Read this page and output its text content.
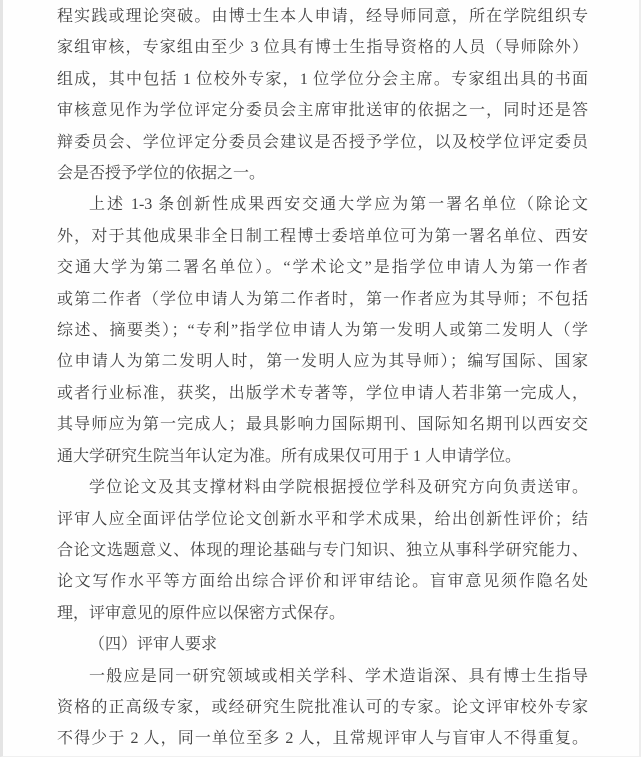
程实践或理论突破。由博士生本人申请，经导师同意，所在学院组织专
家组审核，专家组由至少 3 位具有博士生指导资格的人员（导师除外）
组成，其中包括 1 位校外专家，1 位学位分会主席。专家组出具的书面
审核意见作为学位评定分委员会主席审批送审的依据之一，同时还是答
辩委员会、学位评定分委员会建议是否授予学位，以及校学位评定委员
会是否授予学位的依据之一。
上述 1-3 条创新性成果西安交通大学应为第一署名单位（除论文
外，对于其他成果非全日制工程博士委培单位可为第一署名单位、西安
交通大学为第二署名单位）。“学术论文”是指学位申请人为第一作者
或第二作者（学位申请人为第二作者时，第一作者应为其导师；不包括
综述、摘要类）；“专利”指学位申请人为第一发明人或第二发明人（学
位申请人为第二发明人时，第一发明人应为其导师）；编写国际、国家
或者行业标准，获奖，出版学术专著等，学位申请人若非第一完成人，
其导师应为第一完成人；最具影响力国际期刊、国际知名期刊以西安交
通大学研究生院当年认定为准。所有成果仅可用于 1 人申请学位。
学位论文及其支撑材料由学院根据授位学科及研究方向负责送审。
评审人应全面评估学位论文创新水平和学术成果，给出创新性评价；结
合论文选题意义、体现的理论基础与专门知识、独立从事科学研究能力、
论文写作水平等方面给出综合评价和评审结论。盲审意见须作隐名处
理，评审意见的原件应以保密方式保存。
（四）评审人要求
一般应是同一研究领域或相关学科、学术造诣深、具有博士生指导
资格的正高级专家，或经研究生院批准认可的专家。论文评审校外专家
不得少于 2 人，同一单位至多 2 人，且常规评审人与盲审人不得重复。
